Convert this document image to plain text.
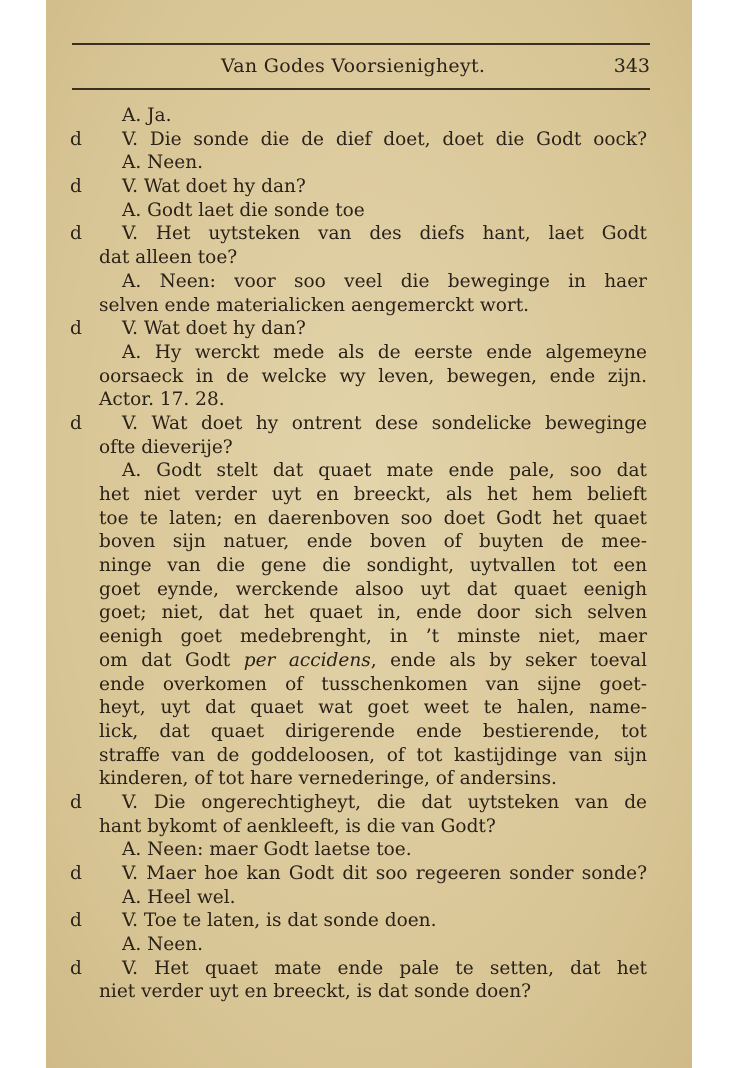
Van Godes Voorsienigheyt.	343
A. Ja.
d V. Die sonde die de dief doet, doet die Godt oock?
A. Neen.
d V. Wat doet hy dan?
A. Godt laet die sonde toe
d V. Het uytsteken van des diefs hant, laet Godt
dat alleen toe?
A. Neen: voor soo veel die beweginge in haer
selven ende materialicken aengemerckt wort.
d V. Wat doet hy dan?
A. Hy werckt mede als de eerste ende algemeyne
oorsaeck in de welcke wy leven, bewegen, ende zijn.
Actor. 17. 28.
d V. Wat doet hy ontrent dese sondelicke beweginge
ofte dieverije?
A. Godt stelt dat quaet mate ende pale, soo dat
het niet verder uyt en breeckt, als het hem belieft
toe te laten; en daerenboven soo doet Godt het quaet
boven sijn natuer, ende boven of buyten de mee-
ninge van die gene die sondight, uytvallen tot een
goet eynde, werckende alsoo uyt dat quaet eenigh
goet; niet, dat het quaet in, ende door sich selven
eenigh goet medebrenght, in ’t minste niet, maer
om dat Godt per accidens, ende als by seker toeval
ende overkomen of tusschenkomen van sijne goet-
heyt, uyt dat quaet wat goet weet te halen, name-
lick, dat quaet dirigerende ende bestierende, tot
straffe van de goddeloosen, of tot kastijdinge van sijn
kinderen, of tot hare vernederinge, of andersins.
d V. Die ongerechtigheyt, die dat uytsteken van de
hant bykomt of aenkleeft, is die van Godt?
A. Neen: maer Godt laetse toe.
d V. Maer hoe kan Godt dit soo regeeren sonder sonde?
A. Heel wel.
d V. Toe te laten, is dat sonde doen.
A. Neen.
d V. Het quaet mate ende pale te setten, dat het
niet verder uyt en breeckt, is dat sonde doen?
